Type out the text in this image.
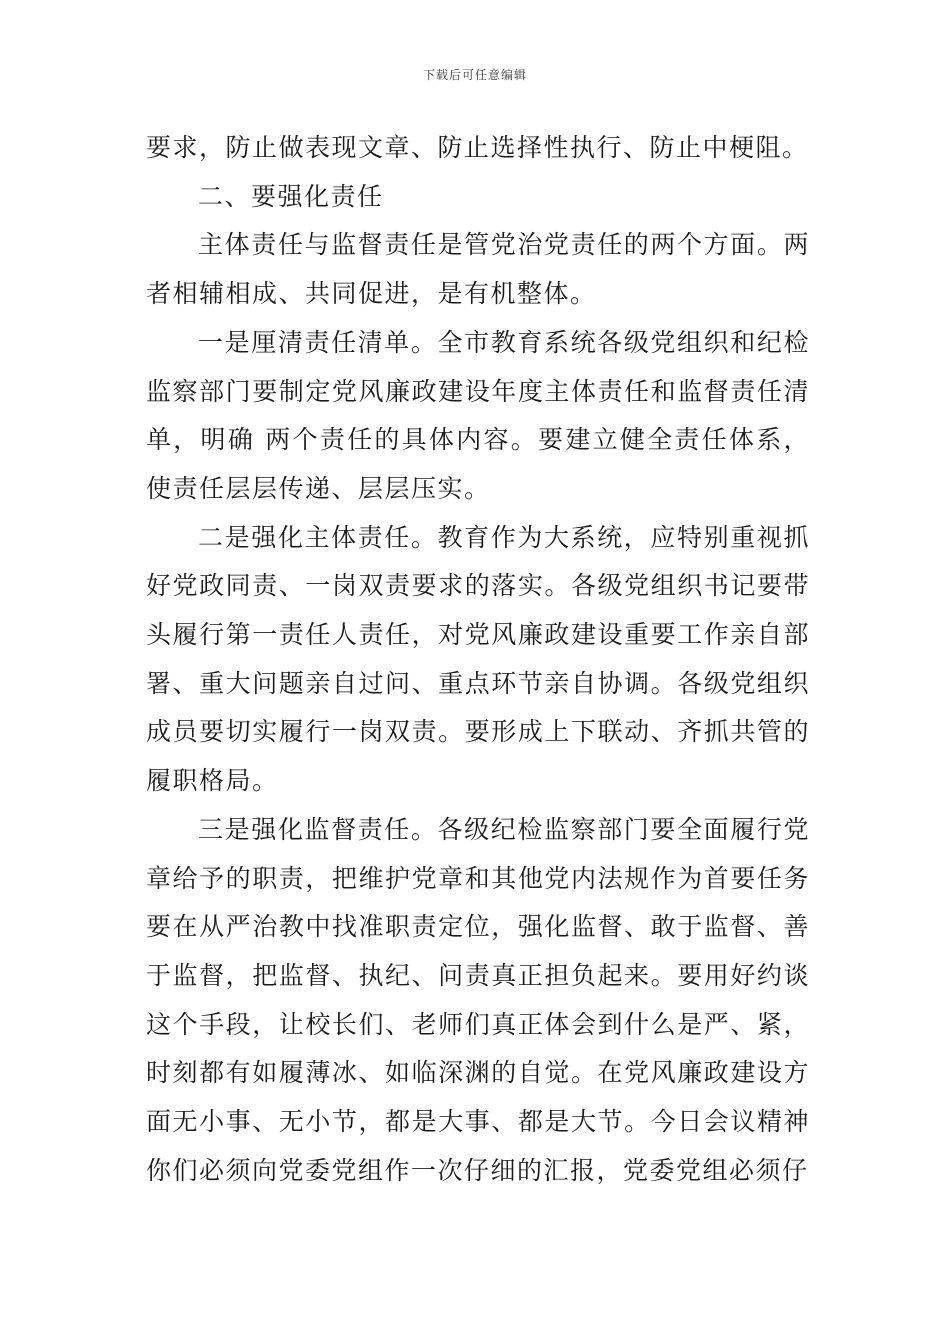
下载后可任意编辑

要求，防止做表现文章、防止选择性执行、防止中梗阻。

二、要强化责任

主体责任与监督责任是管党治党责任的两个方面。两者相辅相成、共同促进，是有机整体。

一是厘清责任清单。全市教育系统各级党组织和纪检监察部门要制定党风廉政建设年度主体责任和监督责任清单，明确 两个责任的具体内容。要建立健全责任体系，使责任层层传递、层层压实。

二是强化主体责任。教育作为大系统，应特别重视抓好党政同责、一岗双责要求的落实。各级党组织书记要带头履行第一责任人责任，对党风廉政建设重要工作亲自部署、重大问题亲自过问、重点环节亲自协调。各级党组织成员要切实履行一岗双责。要形成上下联动、齐抓共管的履职格局。

三是强化监督责任。各级纪检监察部门要全面履行党章给予的职责，把维护党章和其他党内法规作为首要任务要在从严治教中找准职责定位，强化监督、敢于监督、善于监督，把监督、执纪、问责真正担负起来。要用好约谈这个手段，让校长们、老师们真正体会到什么是严、紧，时刻都有如履薄冰、如临深渊的自觉。在党风廉政建设方面无小事、无小节，都是大事、都是大节。今日会议精神你们必须向党委党组作一次仔细的汇报，党委党组必须仔
